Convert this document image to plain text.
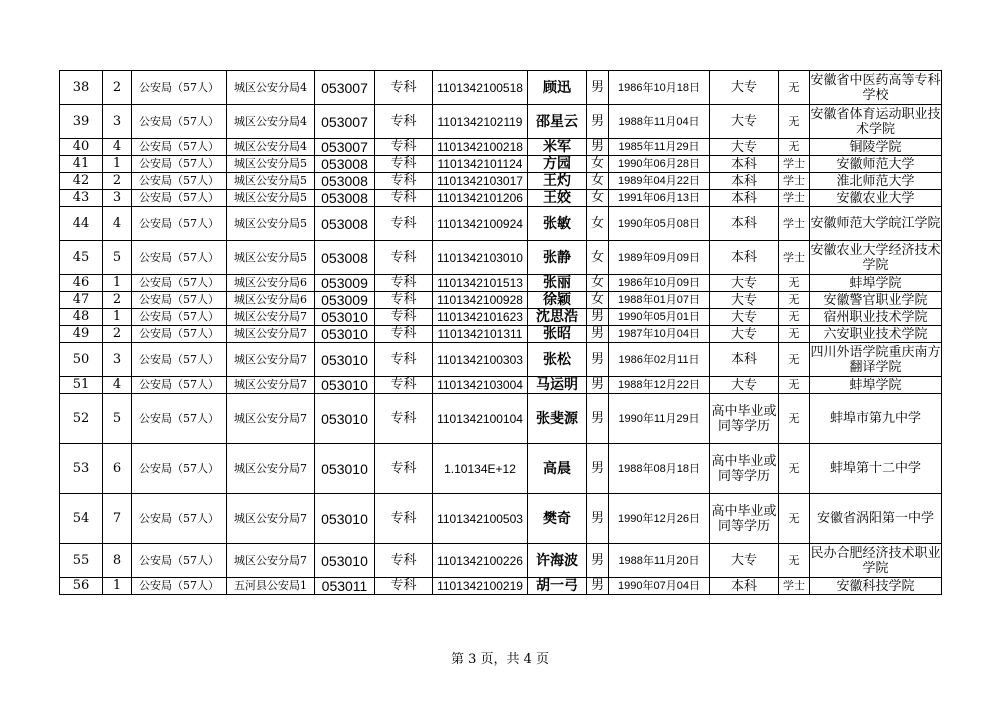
38	2	公安局（57人）	城区公安分局4	053007	专科	1101342100518	顾迅	男	1986年10月18日	大专	无	安徽省中医药高等专科学校
39	3	公安局（57人）	城区公安分局4	053007	专科	1101342102119	邵星云	男	1988年11月04日	大专	无	安徽省体育运动职业技术学院
40	4	公安局（57人）	城区公安分局4	053007	专科	1101342100218	米军	男	1985年11月29日	大专	无	铜陵学院
41	1	公安局（57人）	城区公安分局5	053008	专科	1101342101124	方园	女	1990年06月28日	本科	学士	安徽师范大学
42	2	公安局（57人）	城区公安分局5	053008	专科	1101342103017	王灼	女	1989年04月22日	本科	学士	淮北师范大学
43	3	公安局（57人）	城区公安分局5	053008	专科	1101342101206	王姣	女	1991年06月13日	本科	学士	安徽农业大学
44	4	公安局（57人）	城区公安分局5	053008	专科	1101342100924	张敏	女	1990年05月08日	本科	学士	安徽师范大学皖江学院
45	5	公安局（57人）	城区公安分局5	053008	专科	1101342103010	张静	女	1989年09月09日	本科	学士	安徽农业大学经济技术学院
46	1	公安局（57人）	城区公安分局6	053009	专科	1101342101513	张丽	女	1986年10月09日	大专	无	蚌埠学院
47	2	公安局（57人）	城区公安分局6	053009	专科	1101342100928	徐颖	女	1988年01月07日	大专	无	安徽警官职业学院
48	1	公安局（57人）	城区公安分局7	053010	专科	1101342101623	沈思浩	男	1990年05月01日	大专	无	宿州职业技术学院
49	2	公安局（57人）	城区公安分局7	053010	专科	1101342101311	张昭	男	1987年10月04日	大专	无	六安职业技术学院
50	3	公安局（57人）	城区公安分局7	053010	专科	1101342100303	张松	男	1986年02月11日	本科	无	四川外语学院重庆南方翻译学院
51	4	公安局（57人）	城区公安分局7	053010	专科	1101342103004	马运明	男	1988年12月22日	大专	无	蚌埠学院
52	5	公安局（57人）	城区公安分局7	053010	专科	1101342100104	张斐源	男	1990年11月29日	高中毕业或同等学历	无	蚌埠市第九中学
53	6	公安局（57人）	城区公安分局7	053010	专科	1.10134E+12	高晨	男	1988年08月18日	高中毕业或同等学历	无	蚌埠第十二中学
54	7	公安局（57人）	城区公安分局7	053010	专科	1101342100503	樊奇	男	1990年12月26日	高中毕业或同等学历	无	安徽省涡阳第一中学
55	8	公安局（57人）	城区公安分局7	053010	专科	1101342100226	许海波	男	1988年11月20日	大专	无	民办合肥经济技术职业学院
56	1	公安局（57人）	五河县公安局1	053011	专科	1101342100219	胡一弓	男	1990年07月04日	本科	学士	安徽科技学院
第 3 页，共 4 页
